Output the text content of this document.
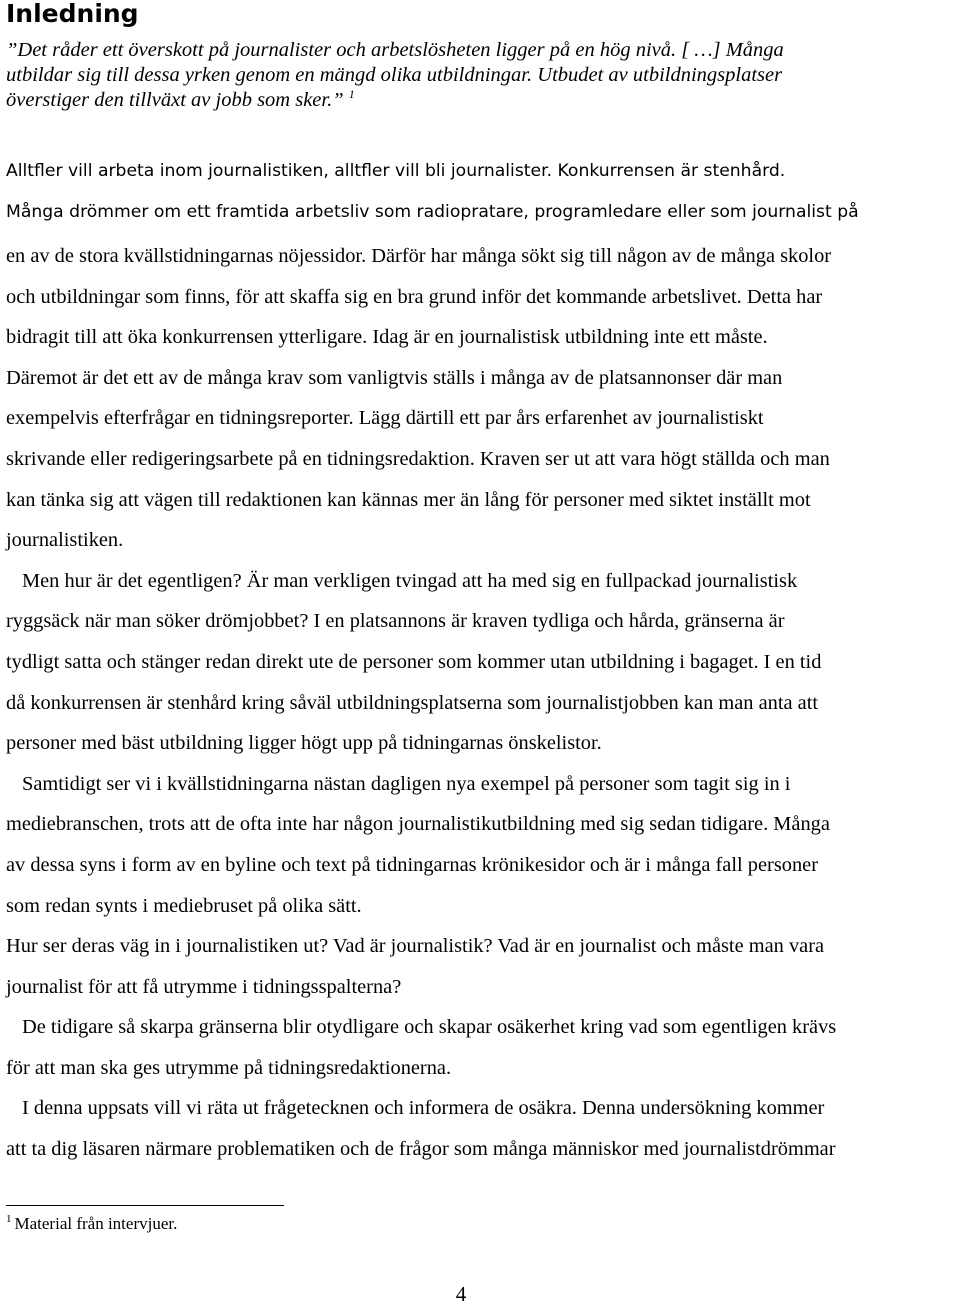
Inledning
”Det råder ett överskott på journalister och arbetslösheten ligger på en hög nivå. [ …] Många
utbildar sig till dessa yrken genom en mängd olika utbildningar. Utbudet av utbildningsplatser
överstiger den tillväxt av jobb som sker.” $^1$

Alltfler vill arbeta inom journalistiken, alltfler vill bli journalister. Konkurrensen är stenhård.

Många drömmer om ett framtida arbetsliv som radiopratare, programledare eller som journalist på

en av de stora kvällstidningarnas nöjessidor. Därför har många sökt sig till någon av de många skolor
och utbildningar som finns, för att skaffa sig en bra grund inför det kommande arbetslivet. Detta har
bidragit till att öka konkurrensen ytterligare. Idag är en journalistisk utbildning inte ett måste.
Däremot är det ett av de många krav som vanligtvis ställs i många av de platsannonser där man
exempelvis efterfrågar en tidningsreporter. Lägg därtill ett par års erfarenhet av journalistiskt
skrivande eller redigeringsarbete på en tidningsredaktion. Kraven ser ut att vara högt ställda och man
kan tänka sig att vägen till redaktionen kan kännas mer än lång för personer med siktet inställt mot
journalistiken.
Men hur är det egentligen? Är man verkligen tvingad att ha med sig en fullpackad journalistisk
ryggsäck när man söker drömjobbet? I en platsannons är kraven tydliga och hårda, gränserna är
tydligt satta och stänger redan direkt ute de personer som kommer utan utbildning i bagaget. I en tid
då konkurrensen är stenhård kring såväl utbildningsplatserna som journalistjobben kan man anta att
personer med bäst utbildning ligger högt upp på tidningarnas önskelistor.
Samtidigt ser vi i kvällstidningarna nästan dagligen nya exempel på personer som tagit sig in i
mediebranschen, trots att de ofta inte har någon journalistikutbildning med sig sedan tidigare. Många
av dessa syns i form av en byline och text på tidningarnas krönikesidor och är i många fall personer
som redan synts i mediebruset på olika sätt.
Hur ser deras väg in i journalistiken ut? Vad är journalistik? Vad är en journalist och måste man vara
journalist för att få utrymme i tidningsspalterna?
De tidigare så skarpa gränserna blir otydligare och skapar osäkerhet kring vad som egentligen krävs
för att man ska ges utrymme på tidningsredaktionerna.
I denna uppsats vill vi räta ut frågeteckne​n och informera de osäkra. Denna undersökning kommer
att ta dig läsaren närmare problematiken och de frågor som många människor med journalistdrömmar

$^1$ Material från intervjuer.

4
